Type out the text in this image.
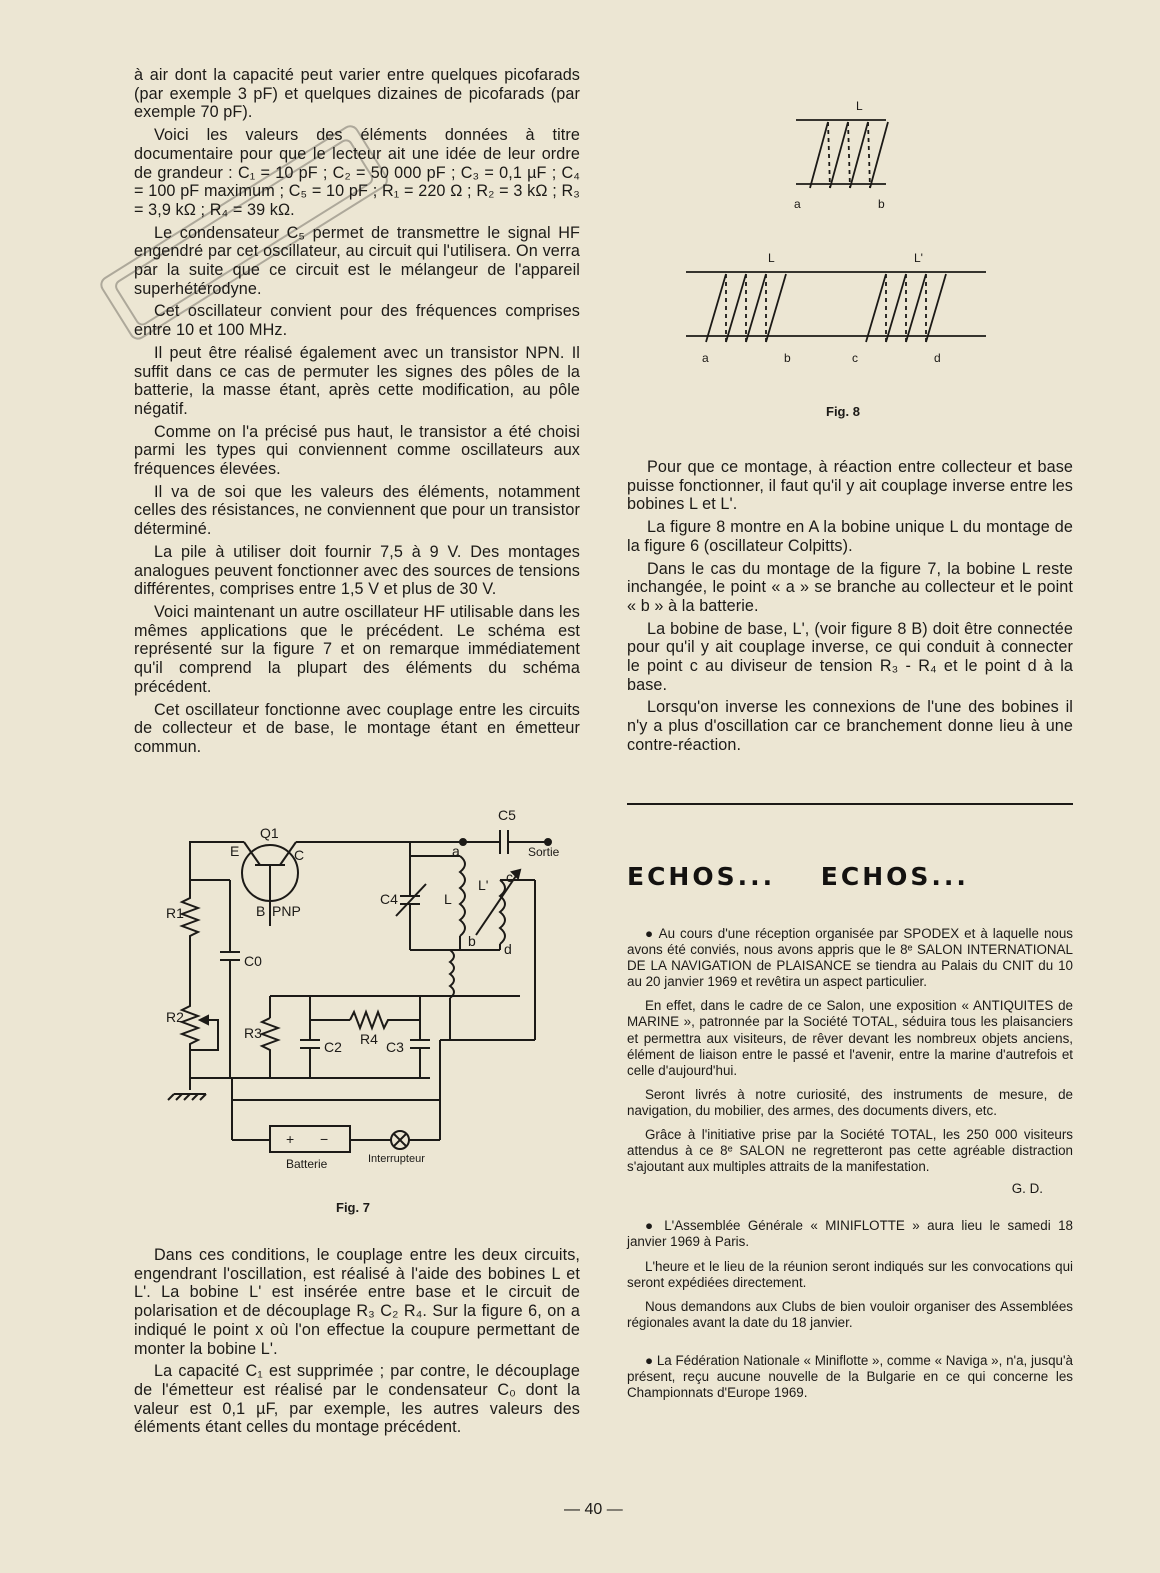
à air dont la capacité peut varier entre quelques picofarads (par exemple 3 pF) et quelques dizaines de picofarads (par exemple 70 pF).

Voici les valeurs des éléments données à titre documentaire pour que le lecteur ait une idée de leur ordre de grandeur : C₁ = 10 pF ; C₂ = 50 000 pF ; C₃ = 0,1 µF ; C₄ = 100 pF maximum ; C₅ = 10 pF ; R₁ = 220 Ω ; R₂ = 3 kΩ ; R₃ = 3,9 kΩ ; R₄ = 39 kΩ.

Le condensateur C₅ permet de transmettre le signal HF engendré par cet oscillateur, au circuit qui l'utilisera. On verra par la suite que ce circuit est le mélangeur de l'appareil superhétérodyne.

Cet oscillateur convient pour des fréquences comprises entre 10 et 100 MHz.

Il peut être réalisé également avec un transistor NPN. Il suffit dans ce cas de permuter les signes des pôles de la batterie, la masse étant, après cette modification, au pôle négatif.

Comme on l'a précisé pus haut, le transistor a été choisi parmi les types qui conviennent comme oscillateurs aux fréquences élevées.

Il va de soi que les valeurs des éléments, notamment celles des résistances, ne conviennent que pour un transistor déterminé.

La pile à utiliser doit fournir 7,5 à 9 V. Des montages analogues peuvent fonctionner avec des sources de tensions différentes, comprises entre 1,5 V et plus de 30 V.

Voici maintenant un autre oscillateur HF utilisable dans les mêmes applications que le précédent. Le schéma est représenté sur la figure 7 et on remarque immédiatement qu'il comprend la plupart des éléments du schéma précédent.

Cet oscillateur fonctionne avec couplage entre les circuits de collecteur et de base, le montage étant en émetteur commun.

Q1
E	C
B PNP
R1
R2
C0
R3	R4
C2	C3
C4
C5
L
L'
a
b
c
d
Sortie
+ −
Batterie	Interrupteur
Fig. 7

Dans ces conditions, le couplage entre les deux circuits, engendrant l'oscillation, est réalisé à l'aide des bobines L et L'. La bobine L' est insérée entre base et le circuit de polarisation et de découplage R₃ C₂ R₄. Sur la figure 6, on a indiqué le point x où l'on effectue la coupure permettant de monter la bobine L'.

La capacité C₁ est supprimée ; par contre, le découplage de l'émetteur est réalisé par le condensateur C₀ dont la valeur est 0,1 µF, par exemple, les autres valeurs des éléments étant celles du montage précédent.

L
a	b
L	L'
a	b	c	d
Fig. 8

Pour que ce montage, à réaction entre collecteur et base puisse fonctionner, il faut qu'il y ait couplage inverse entre les bobines L et L'.

La figure 8 montre en A la bobine unique L du montage de la figure 6 (oscillateur Colpitts).

Dans le cas du montage de la figure 7, la bobine L reste inchangée, le point « a » se branche au collecteur et le point « b » à la batterie.

La bobine de base, L', (voir figure 8 B) doit être connectée pour qu'il y ait couplage inverse, ce qui conduit à connecter le point c au diviseur de tension R₃ - R₄ et le point d à la base.

Lorsqu'on inverse les connexions de l'une des bobines il n'y a plus d'oscillation car ce branchement donne lieu à une contre-réaction.

ECHOS... ECHOS...

● Au cours d'une réception organisée par SPODEX et à laquelle nous avons été conviés, nous avons appris que le 8ᵉ SALON INTERNATIONAL DE LA NAVIGATION de PLAISANCE se tiendra au Palais du CNIT du 10 au 20 janvier 1969 et revêtira un aspect particulier.

En effet, dans le cadre de ce Salon, une exposition « ANTIQUITES de MARINE », patronnée par la Société TOTAL, séduira tous les plaisanciers et permettra aux visiteurs, de rêver devant les nombreux objets anciens, élément de liaison entre le passé et l'avenir, entre la marine d'autrefois et celle d'aujourd'hui.

Seront livrés à notre curiosité, des instruments de mesure, de navigation, du mobilier, des armes, des documents divers, etc.

Grâce à l'initiative prise par la Société TOTAL, les 250 000 visiteurs attendus à ce 8ᵉ SALON ne regretteront pas cette agréable distraction s'ajoutant aux multiples attraits de la manifestation.

G. D.

● L'Assemblée Générale « MINIFLOTTE » aura lieu le samedi 18 janvier 1969 à Paris.

L'heure et le lieu de la réunion seront indiqués sur les convocations qui seront expédiées directement.

Nous demandons aux Clubs de bien vouloir organiser des Assemblées régionales avant la date du 18 janvier.

● La Fédération Nationale « Miniflotte », comme « Naviga », n'a, jusqu'à présent, reçu aucune nouvelle de la Bulgarie en ce qui concerne les Championnats d'Europe 1969.

— 40 —
